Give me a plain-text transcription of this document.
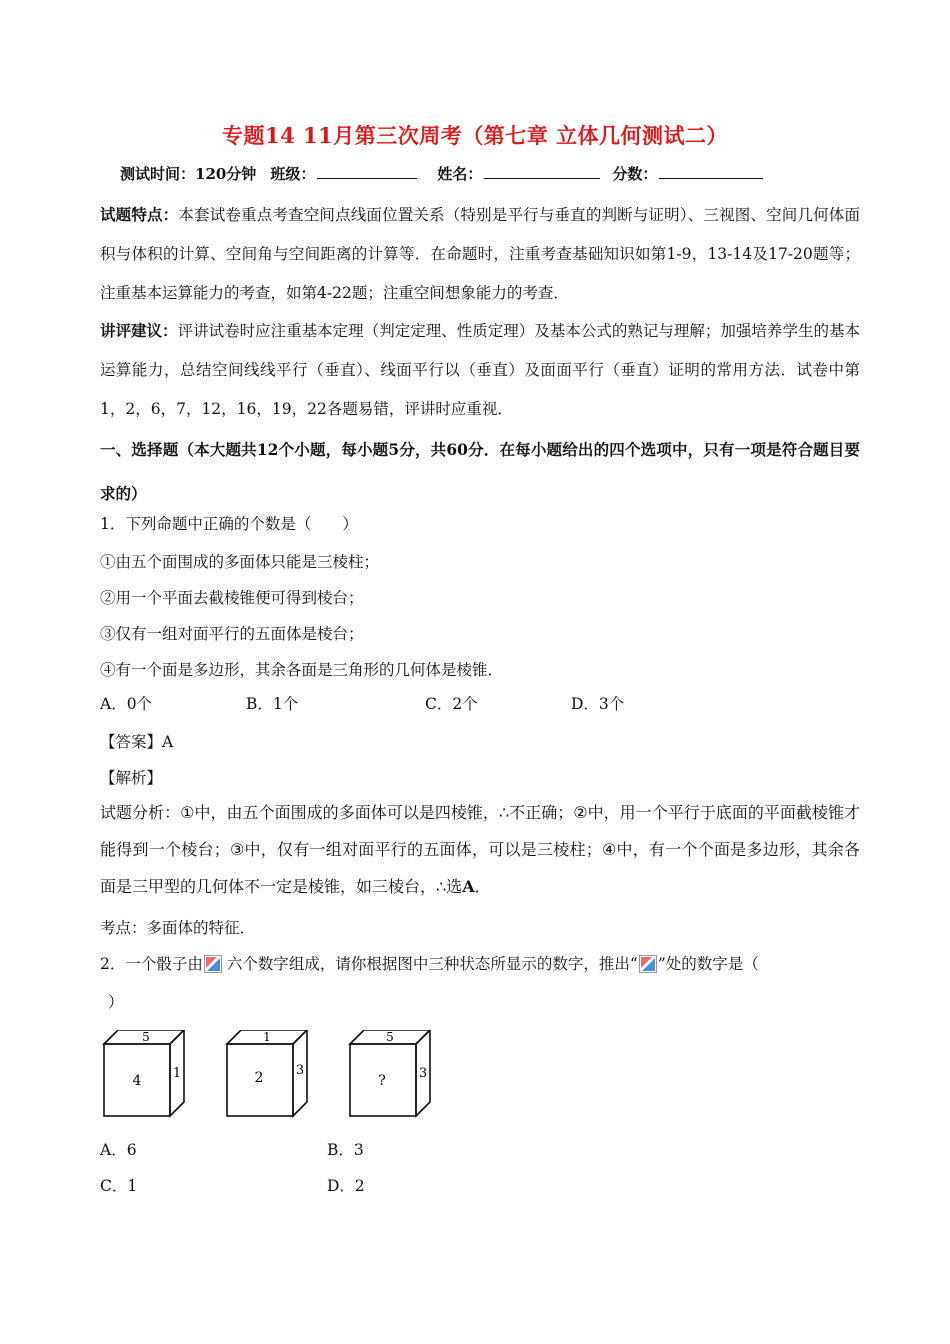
专题14 11月第三次周考（第七章 立体几何测试二）
测试时间：120分钟 班级：	姓名：	分数：
试题特点：本套试卷重点考查空间点线面位置关系（特别是平行与垂直的判断与证明）、三视图、空间几何体面积与体积的计算、空间角与空间距离的计算等．在命题时，注重考查基础知识如第1-9，13-14及17-20题等；注重基本运算能力的考查，如第4-22题；注重空间想象能力的考查．
讲评建议：评讲试卷时应注重基本定理（判定定理、性质定理）及基本公式的熟记与理解；加强培养学生的基本运算能力，总结空间线线平行（垂直）、线面平行以（垂直）及面面平行（垂直）证明的常用方法．试卷中第1，2，6，7，12，16，19，22各题易错，评讲时应重视．
一、选择题（本大题共12个小题，每小题5分，共60分．在每小题给出的四个选项中，只有一项是符合题目要求的）
1．下列命题中正确的个数是（　　）
①由五个面围成的多面体只能是三棱柱；
②用一个平面去截棱锥便可得到棱台；
③仅有一组对面平行的五面体是棱台；
④有一个面是多边形，其余各面是三角形的几何体是棱锥．
A．0个	B．1个	C．2个	D．3个
【答案】A
【解析】
试题分析：①中，由五个面围成的多面体可以是四棱锥，∴不正确；②中，用一个平行于底面的平面截棱锥才能得到一个棱台；③中，仅有一组对面平行的五面体，可以是三棱柱；④中，有一个个面是多边形，其余各面是三甲型的几何体不一定是棱锥，如三棱台，∴选A．
考点：多面体的特征．
2．一个骰子由 六个数字组成，请你根据图中三种状态所显示的数字，推出“ ”处的数字是（
）
5
4 1
1
2 3
5
?	3
A．6	B．3
C．1	D．2
